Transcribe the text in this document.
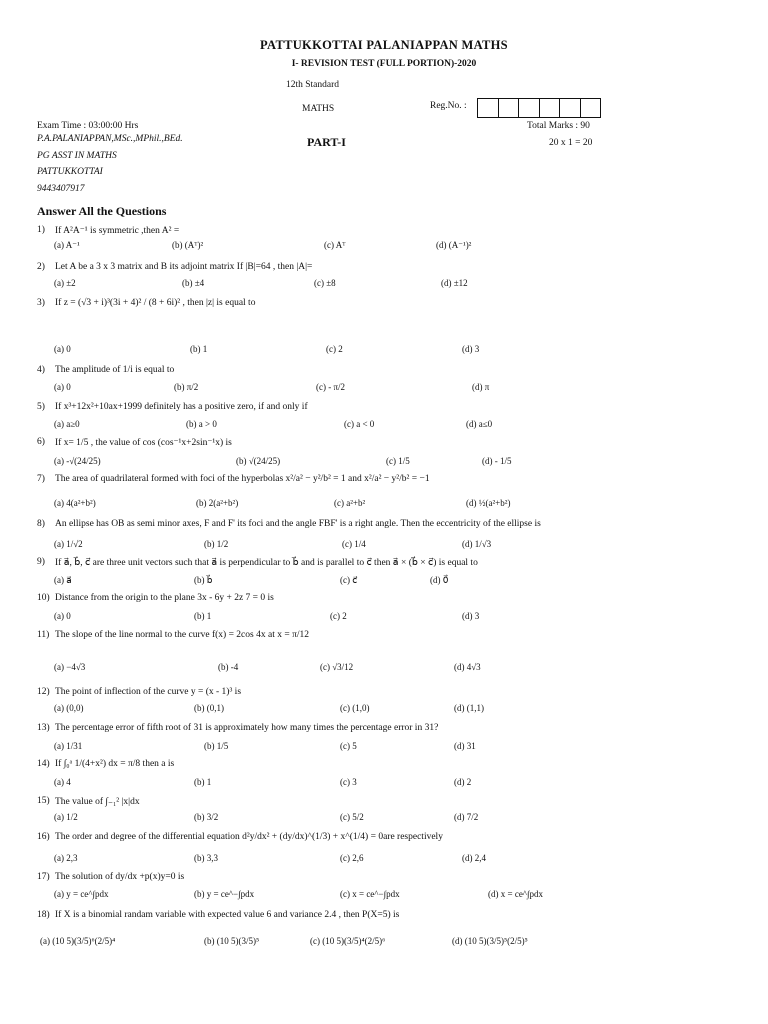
PATTUKKOTTAI PALANIAPPAN MATHS
I- REVISION TEST (FULL PORTION)-2020
12th Standard
MATHS	Reg.No. :
Exam Time : 03:00:00 Hrs	Total Marks : 90
P.A.PALANIAPPAN,MSc.,MPhil.,BEd.	PART-I	20 x 1 = 20
PG ASST IN MATHS
PATTUKKOTTAI
9443407917
Answer All the Questions
1) If A²A⁻¹ is symmetric ,then A² =
(a) A⁻¹	(b) (Aᵀ)²	(c) Aᵀ	(d) (A⁻¹)²
2) Let A be a 3 x 3 matrix and B its adjoint matrix If |B|=64 , then |A|=
(a) ±2	(b) ±4	(c) ±8	(d) ±12
3) If z = (√3 + i)³(3i + 4)² / (8 + 6i)² , then |z| is equal to
(a) 0	(b) 1	(c) 2	(d) 3
4) The amplitude of 1/i is equal to
(a) 0	(b) π/2	(c) - π/2	(d) π
5) If x³+12x²+10ax+1999 definitely has a positive zero, if and only if
(a) a≥0	(b) a > 0	(c) a < 0	(d) a≤0
6) If x= 1/5 , the value of cos (cos⁻¹x+2sin⁻¹x) is
(a) -√(24/25)	(b) √(24/25)	(c) 1/5	(d) - 1/5
7) The area of quadrilateral formed with foci of the hyperbolas x²/a² − y²/b² = 1 and x²/a² − y²/b² = −1
(a) 4(a²+b²)	(b) 2(a²+b²)	(c) a²+b²	(d) ½(a²+b²)
8) An ellipse has OB as semi minor axes, F and F' its foci and the angle FBF' is a right angle. Then the eccentricity of the ellipse is
(a) 1/√2	(b) 1/2	(c) 1/4	(d) 1/√3
9) If a⃗, b⃗, c⃗ are three unit vectors such that a⃗ is perpendicular to b⃗ and is parallel to c⃗ then a⃗ × (b⃗ × c⃗) is equal to
(a) a⃗	(b) b⃗	(c) c⃗	(d) 0⃗
10) Distance from the origin to the plane 3x - 6y + 2z 7 = 0 is
(a) 0	(b) 1	(c) 2	(d) 3
11) The slope of the line normal to the curve f(x) = 2cos 4x at x = π/12
(a) −4√3	(b) -4	(c) √3/12	(d) 4√3
12) The point of inflection of the curve y = (x - 1)³ is
(a) (0,0)	(b) (0,1)	(c) (1,0)	(d) (1,1)
13) The percentage error of fifth root of 31 is approximately how many times the percentage error in 31?
(a) 1/31	(b) 1/5	(c) 5	(d) 31
14) If ∫₀ᵃ 1/(4+x²) dx = π/8 then a is
(a) 4	(b) 1	(c) 3	(d) 2
15) The value of ∫₋₁² |x|dx
(a) 1/2	(b) 3/2	(c) 5/2	(d) 7/2
16) The order and degree of the differential equation d²y/dx² + (dy/dx)^(1/3) + x^(1/4) = 0are respectively
(a) 2,3	(b) 3,3	(c) 2,6	(d) 2,4
17) The solution of dy/dx +p(x)y=0 is
(a) y = ce^∫pdx	(b) y = ce^−∫pdx	(c) x = ce^−∫pdx	(d) x = ce^∫pdx
18) If X is a binomial randam variable with expected value 6 and variance 2.4 , then P(X=5) is
(a) (10 5)(3/5)⁶(2/5)⁴	(b) (10 5)(3/5)⁵	(c) (10 5)(3/5)⁴(2/5)⁶	(d) (10 5)(3/5)⁵(2/5)⁵
